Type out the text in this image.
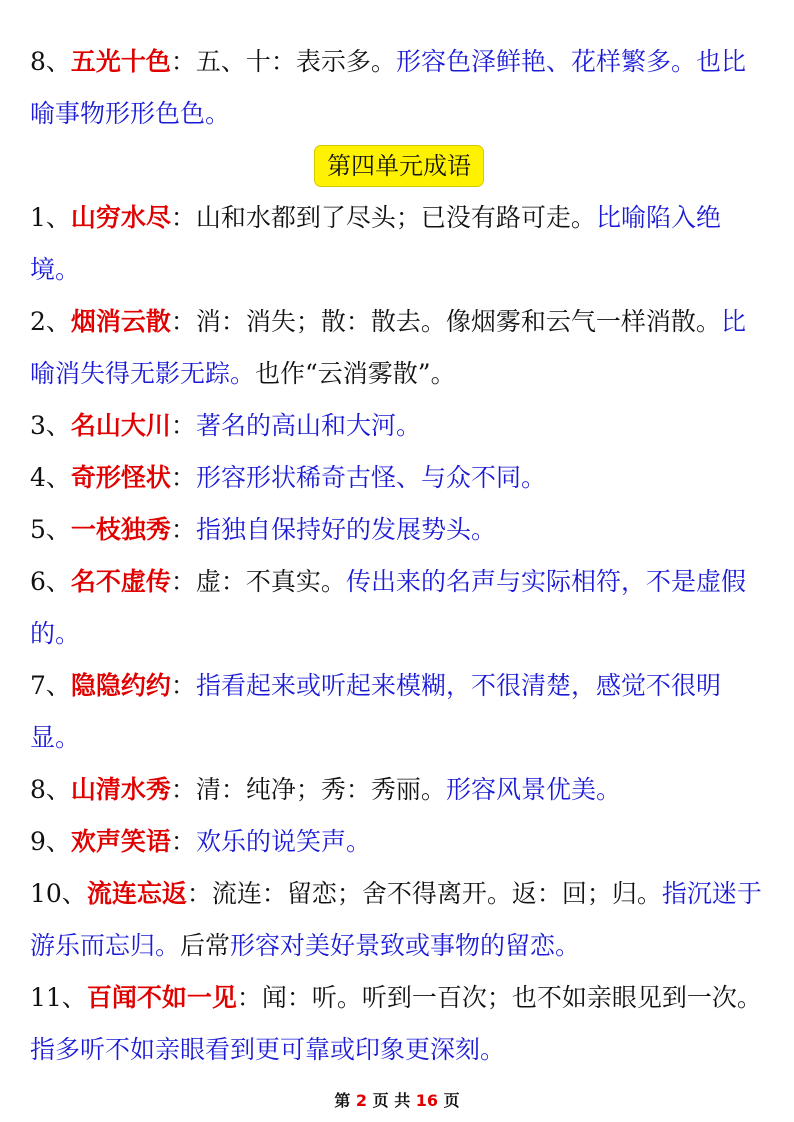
8、五光十色：五、十：表示多。形容色泽鲜艳、花样繁多。也比喻事物形形色色。

第四单元成语

1、山穷水尽：山和水都到了尽头；已没有路可走。比喻陷入绝境。

2、烟消云散：消：消失；散：散去。像烟雾和云气一样消散。比喻消失得无影无踪。也作“云消雾散”。

3、名山大川：著名的高山和大河。

4、奇形怪状：形容形状稀奇古怪、与众不同。

5、一枝独秀：指独自保持好的发展势头。

6、名不虚传：虚：不真实。传出来的名声与实际相符，不是虚假的。

7、隐隐约约：指看起来或听起来模糊，不很清楚，感觉不很明显。

8、山清水秀：清：纯净；秀：秀丽。形容风景优美。

9、欢声笑语：欢乐的说笑声。

10、流连忘返：流连：留恋；舍不得离开。返：回；归。指沉迷于游乐而忘归。后常形容对美好景致或事物的留恋。

11、百闻不如一见：闻：听。听到一百次；也不如亲眼见到一次。指多听不如亲眼看到更可靠或印象更深刻。

第 2 页 共 16 页
